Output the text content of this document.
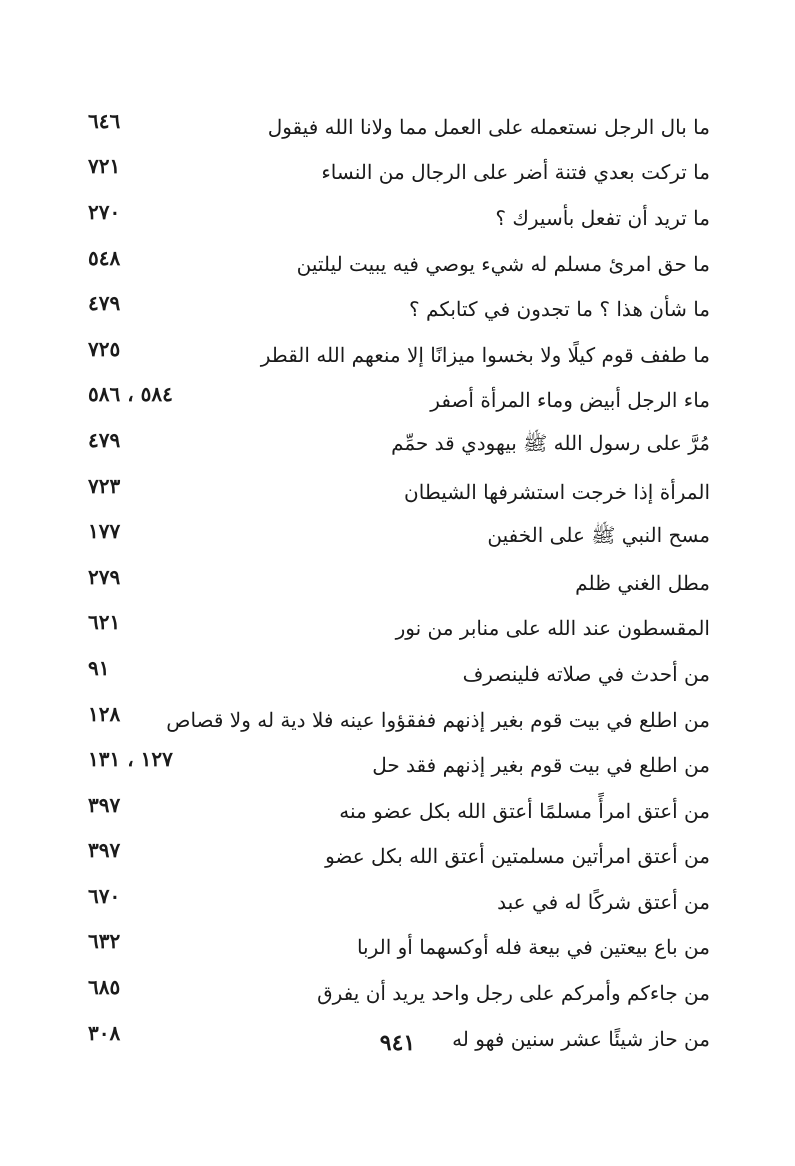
٦٤٦	ما بال الرجل نستعمله على العمل مما ولانا الله فيقول
٧٢١	ما تركت بعدي فتنة أضر على الرجال من النساء
٢٧٠	ما تريد أن تفعل بأسيرك ؟
٥٤٨	ما حق امرئ مسلم له شيء يوصي فيه يبيت ليلتين
٤٧٩	ما شأن هذا ؟ ما تجدون في كتابكم ؟
٧٢٥	ما طفف قوم كيلًا ولا بخسوا ميزانًا إلا منعهم الله القطر
٥٨٤ ، ٥٨٦	ماء الرجل أبيض وماء المرأة أصفر
٤٧٩	مُرَّ على رسول الله ﷺ بيهودي قد حمِّم
٧٢٣	المرأة إذا خرجت استشرفها الشيطان
١٧٧	مسح النبي ﷺ على الخفين
٢٧٩	مطل الغني ظلم
٦٢١	المقسطون عند الله على منابر من نور
٩١	من أحدث في صلاته فلينصرف
١٢٨ من اطلع في بيت قوم بغير إذنهم ففقؤوا عينه فلا دية له ولا قصاص
١٢٧ ، ١٣١	من اطلع في بيت قوم بغير إذنهم فقد حل
٣٩٧	من أعتق امرأً مسلمًا أعتق الله بكل عضو منه
٣٩٧	من أعتق امرأتين مسلمتين أعتق الله بكل عضو
٦٧٠	من أعتق شركًا له في عبد
٦٣٢	من باع بيعتين في بيعة فله أوكسهما أو الربا
٦٨٥	من جاءكم وأمركم على رجل واحد يريد أن يفرق
٣٠٨	من حاز شيئًا عشر سنين فهو له
٩٤١
